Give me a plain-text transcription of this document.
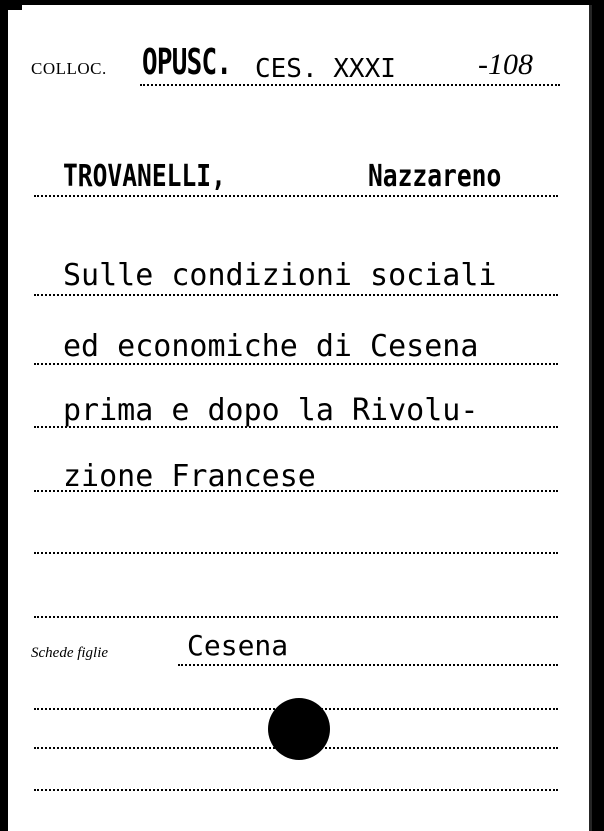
COLLOC. OPUSC. CES. XXXI	-108
TROVANELLI,	Nazzareno
Sulle condizioni sociali
ed economiche di Cesena
prima e dopo la Rivolu-
zione Francese
Schede figlie	Cesena
